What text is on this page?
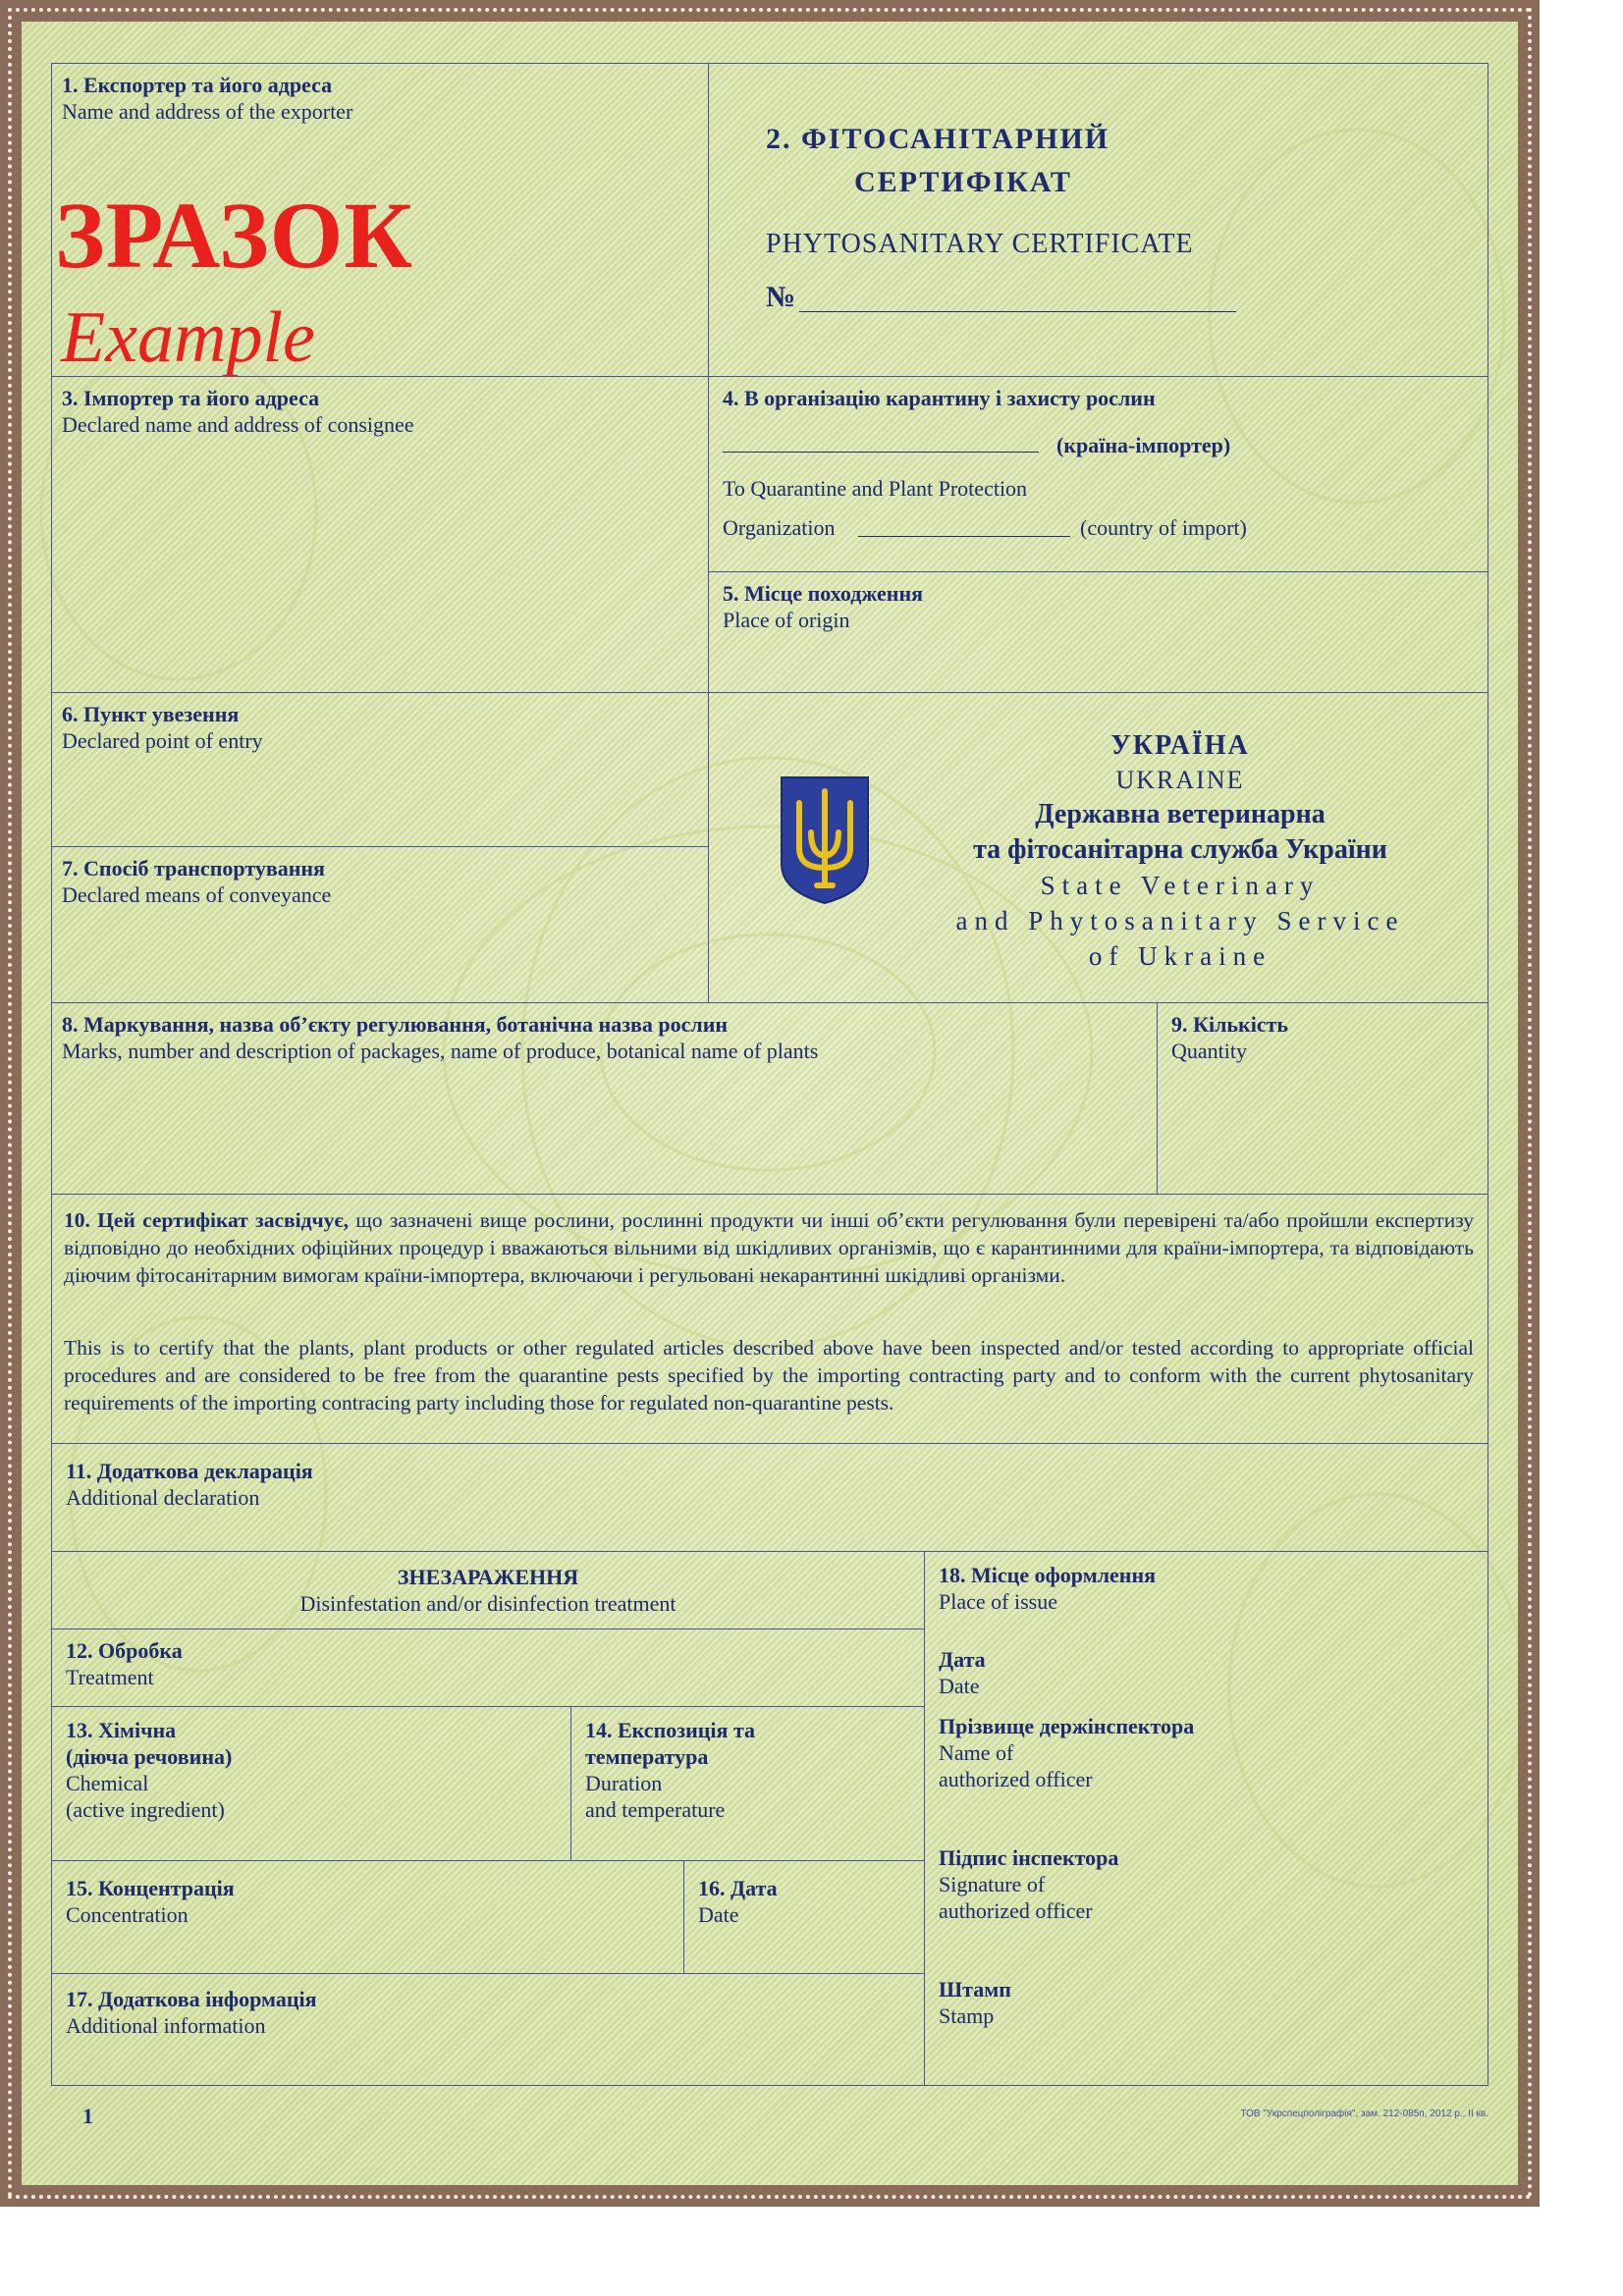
ЗРАЗОК
Example
1. Експортер та його адреса
Name and address of the exporter
2. ФІТОСАНІТАРНИЙ
СЕРТИФІКАТ
PHYTOSANITARY CERTIFICATE
№
3. Імпортер та його адреса
Declared name and address of consignee
4. В організацію карантину і захисту рослин
(країна-імпортер)
To Quarantine and Plant Protection
Organization	(country of import)
5. Місце походження
Place of origin
6. Пункт увезення
Declared point of entry
7. Спосіб транспортування
Declared means of conveyance
УКРАЇНА
UKRAINE
Державна ветеринарна
та фітосанітарна служба України
State Veterinary
and Phytosanitary Service
of Ukraine
8. Маркування, назва об’єкту регулювання, ботанічна назва рослин
Marks, number and description of packages, name of produce, botanical name of plants
9. Кількість
Quantity
10. Цей сертифікат засвідчує, що зазначені вище рослини, рослинні продукти чи інші об’єкти регулювання були перевірені та/або пройшли експертизу відповідно до необхідних офіційних процедур і вважаються вільними від шкідливих організмів, що є карантинними для країни-імпортера, та відповідають діючим фітосанітарним вимогам країни-імпортера, включаючи і регульовані некарантинні шкідливі організми.
This is to certify that the plants, plant products or other regulated articles described above have been inspected and/or tested according to appropriate official procedures and are considered to be free from the quarantine pests specified by the importing contracting party and to conform with the current phytosanitary requirements of the importing contracing party including those for regulated non-quarantine pests.
11. Додаткова декларація
Additional declaration
ЗНЕЗАРАЖЕННЯ
Disinfestation and/or disinfection treatment
12. Обробка
Treatment
13. Хімічна
(діюча речовина)
Chemical
(active ingredient)
14. Експозиція та
температура
Duration
and temperature
15. Концентрація
Concentration
16. Дата
Date
17. Додаткова інформація
Additional information
18. Місце оформлення
Place of issue
Дата
Date
Прізвище держінспектора
Name of
authorized officer
Підпис інспектора
Signature of
authorized officer
Штамп
Stamp
1	ТОВ "Укрспецполіграфія", зам. 212-085п, 2012 р., II кв.
